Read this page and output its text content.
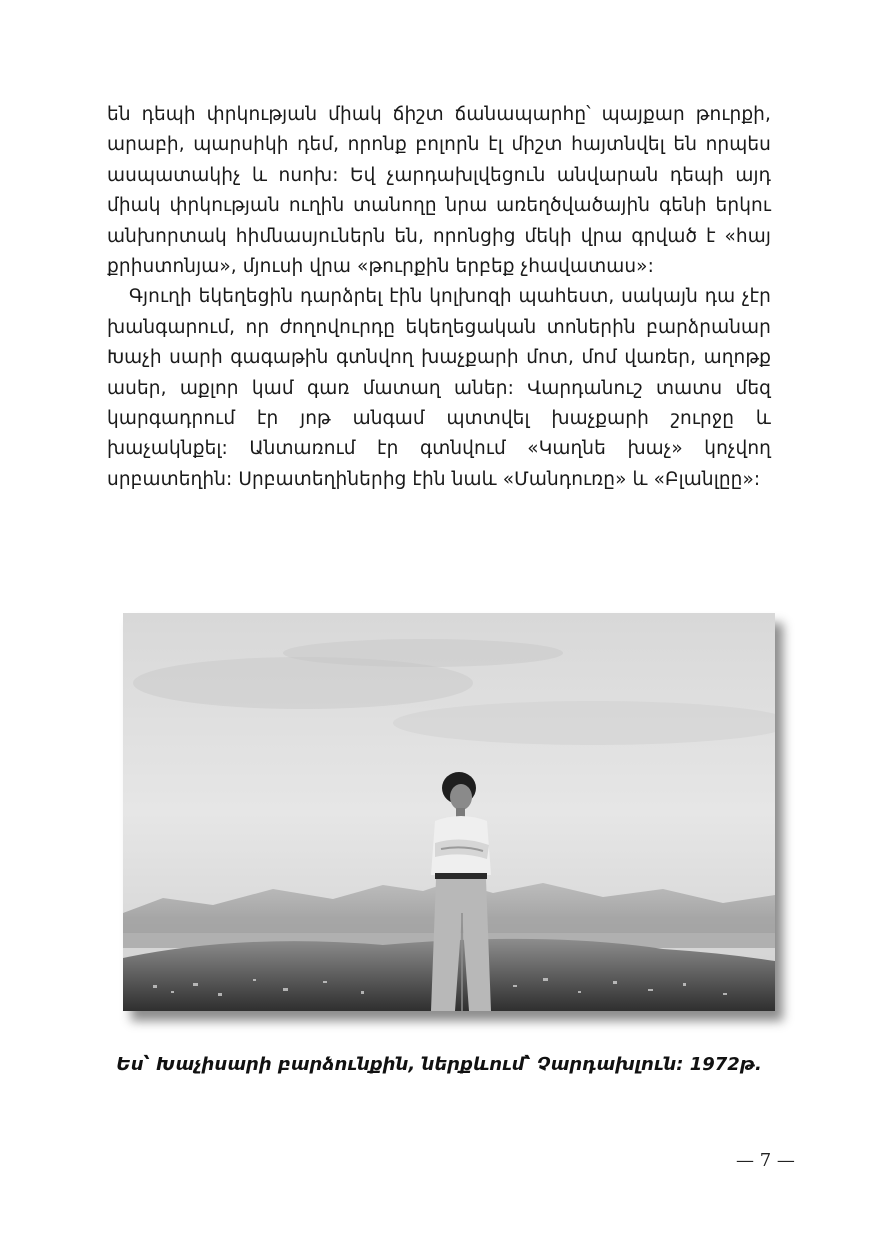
են դեպի փրկության միակ ճիշտ ճանապարհը՝ պայքար թուրքի, արաբի, պարսիկի դեմ, որոնք բոլորն էլ միշտ հայտնվել են որպես ասպատակիչ և ոսոխ: Եվ չարդախլվեցուն անվարան դեպի այդ միակ փրկության ուղին տանողը նրա առեղծվածային գենի երկու անխորտակ հիմնասյուներն են, որոնցից մեկի վրա գրված է «հայ քրիստոնյա», մյուսի վրա «թուրքին երբեք չհավատաս»:

Գյուղի եկեղեցին դարձրել էին կոլխոզի պահեստ, սակայն դա չէր խանգարում, որ ժողովուրդը եկեղեցական տոներին բարձրանար Խաչի սարի գագաթին գտնվող խաչքարի մոտ, մոմ վառեր, աղոթք ասեր, աքլոր կամ գառ մատաղ աներ: Վարդանուշ տատս մեզ կարգադրում էր յոթ անգամ պտտվել խաչքարի շուրջը և խաչակնքել: Անտառում էր գտնվում «Կաղնե խաչ» կոչվող սրբատեղին: Սրբատեղիներից էին նաև «Մանդուռը» և «Բլանլըը»:

Ես՝ Խաչիսարի բարձունքին, ներքևում՝ Չարդախլուն: 1972թ.
— 7 —
